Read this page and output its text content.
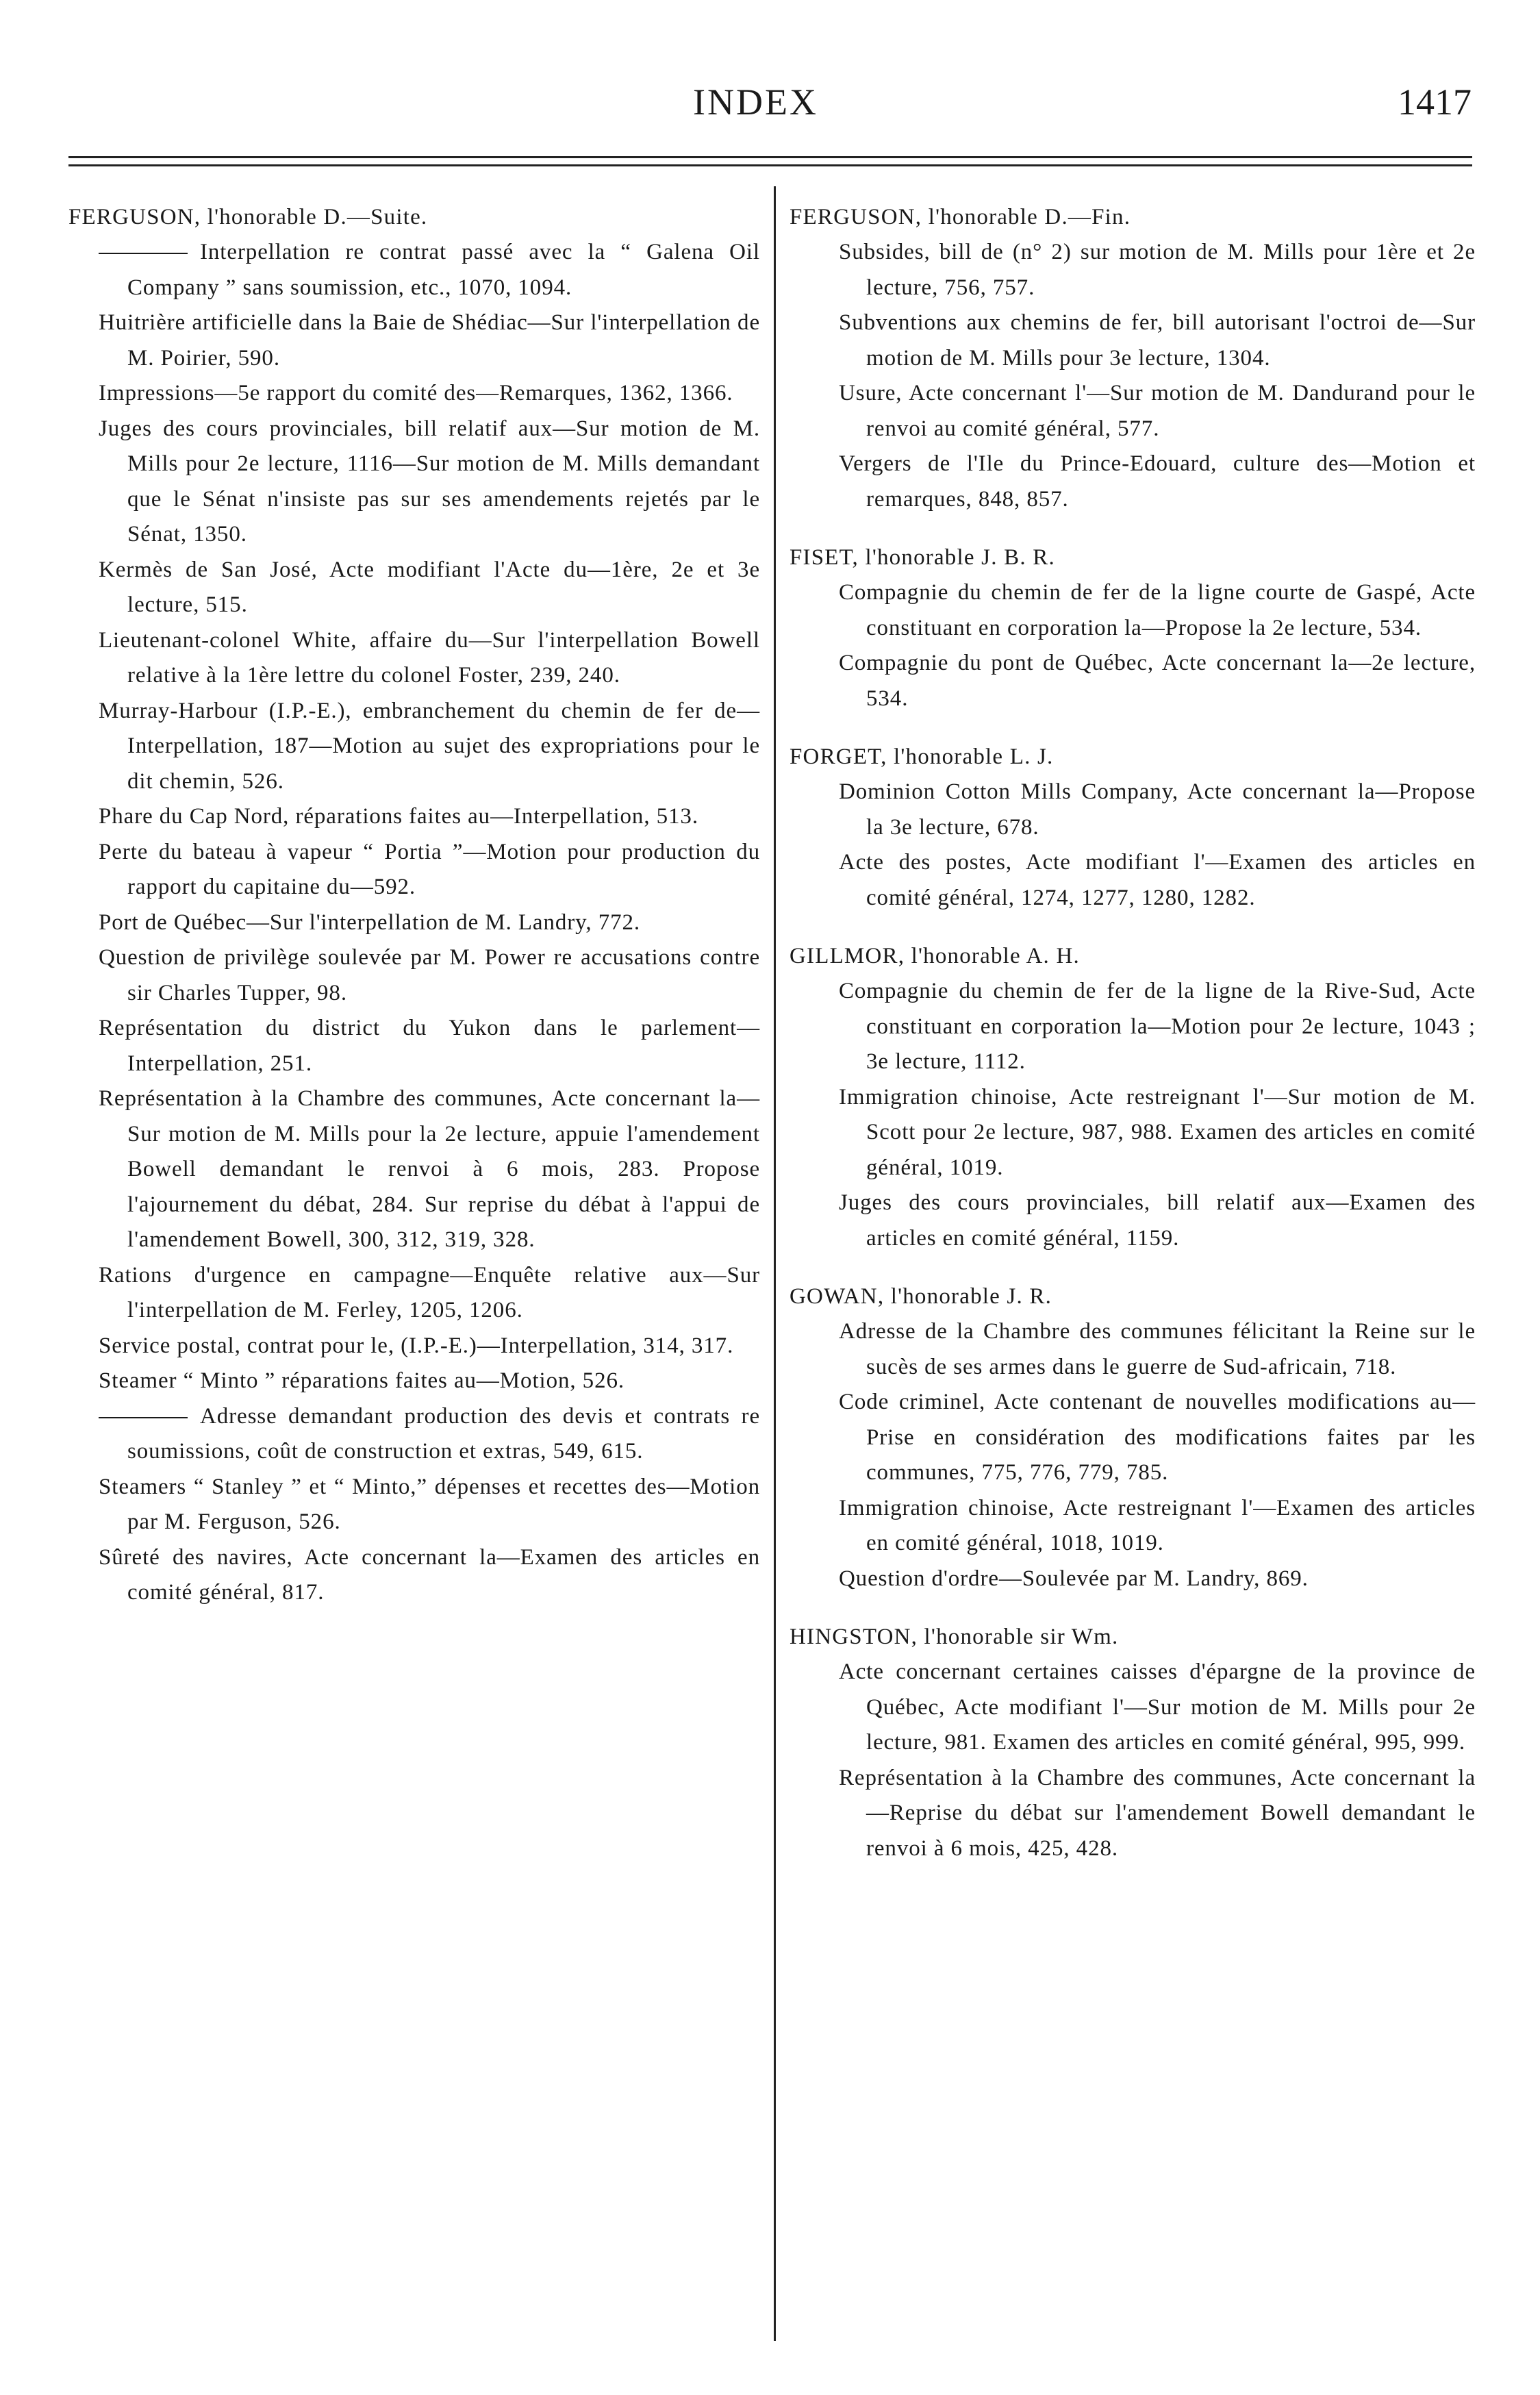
INDEX	1417
FERGUSON, l'honorable D.—Suite.
Interpellation re contrat passé avec la “ Galena Oil Company ” sans soumission, etc., 1070, 1094.
Huitrière artificielle dans la Baie de Shédiac—Sur l'interpellation de M. Poirier, 590.
Impressions—5e rapport du comité des—Remarques, 1362, 1366.
Juges des cours provinciales, bill relatif aux—Sur motion de M. Mills pour 2e lecture, 1116—Sur motion de M. Mills demandant que le Sénat n'insiste pas sur ses amendements rejetés par le Sénat, 1350.
Kermès de San José, Acte modifiant l'Acte du—1ère, 2e et 3e lecture, 515.
Lieutenant-colonel White, affaire du—Sur l'interpellation Bowell relative à la 1ère lettre du colonel Foster, 239, 240.
Murray-Harbour (I.P.-E.), embranchement du chemin de fer de—Interpellation, 187—Motion au sujet des expropriations pour le dit chemin, 526.
Phare du Cap Nord, réparations faites au—Interpellation, 513.
Perte du bateau à vapeur “ Portia ”—Motion pour production du rapport du capitaine du—592.
Port de Québec—Sur l'interpellation de M. Landry, 772.
Question de privilège soulevée par M. Power re accusations contre sir Charles Tupper, 98.
Représentation du district du Yukon dans le parlement—Interpellation, 251.
Représentation à la Chambre des communes, Acte concernant la—Sur motion de M. Mills pour la 2e lecture, appuie l'amendement Bowell demandant le renvoi à 6 mois, 283. Propose l'ajournement du débat, 284. Sur reprise du débat à l'appui de l'amendement Bowell, 300, 312, 319, 328.
Rations d'urgence en campagne—Enquête relative aux—Sur l'interpellation de M. Ferley, 1205, 1206.
Service postal, contrat pour le, (I.P.-E.)—Interpellation, 314, 317.
Steamer “ Minto ” réparations faites au—Motion, 526.
Adresse demandant production des devis et contrats re soumissions, coût de construction et extras, 549, 615.
Steamers “ Stanley ” et “ Minto,” dépenses et recettes des—Motion par M. Ferguson, 526.
Sûreté des navires, Acte concernant la—Examen des articles en comité général, 817.
FERGUSON, l'honorable D.—Fin.
Subsides, bill de (n° 2) sur motion de M. Mills pour 1ère et 2e lecture, 756, 757.
Subventions aux chemins de fer, bill autorisant l'octroi de—Sur motion de M. Mills pour 3e lecture, 1304.
Usure, Acte concernant l'—Sur motion de M. Dandurand pour le renvoi au comité général, 577.
Vergers de l'Ile du Prince-Edouard, culture des—Motion et remarques, 848, 857.
FISET, l'honorable J. B. R.
Compagnie du chemin de fer de la ligne courte de Gaspé, Acte constituant en corporation la—Propose la 2e lecture, 534.
Compagnie du pont de Québec, Acte concernant la—2e lecture, 534.
FORGET, l'honorable L. J.
Dominion Cotton Mills Company, Acte concernant la—Propose la 3e lecture, 678.
Acte des postes, Acte modifiant l'—Examen des articles en comité général, 1274, 1277, 1280, 1282.
GILLMOR, l'honorable A. H.
Compagnie du chemin de fer de la ligne de la Rive-Sud, Acte constituant en corporation la—Motion pour 2e lecture, 1043 ; 3e lecture, 1112.
Immigration chinoise, Acte restreignant l'—Sur motion de M. Scott pour 2e lecture, 987, 988. Examen des articles en comité général, 1019.
Juges des cours provinciales, bill relatif aux—Examen des articles en comité général, 1159.
GOWAN, l'honorable J. R.
Adresse de la Chambre des communes félicitant la Reine sur le sucès de ses armes dans le guerre de Sud-africain, 718.
Code criminel, Acte contenant de nouvelles modifications au—Prise en considération des modifications faites par les communes, 775, 776, 779, 785.
Immigration chinoise, Acte restreignant l'—Examen des articles en comité général, 1018, 1019.
Question d'ordre—Soulevée par M. Landry, 869.
HINGSTON, l'honorable sir Wm.
Acte concernant certaines caisses d'épargne de la province de Québec, Acte modifiant l'—Sur motion de M. Mills pour 2e lecture, 981. Examen des articles en comité général, 995, 999.
Représentation à la Chambre des communes, Acte concernant la—Reprise du débat sur l'amendement Bowell demandant le renvoi à 6 mois, 425, 428.
